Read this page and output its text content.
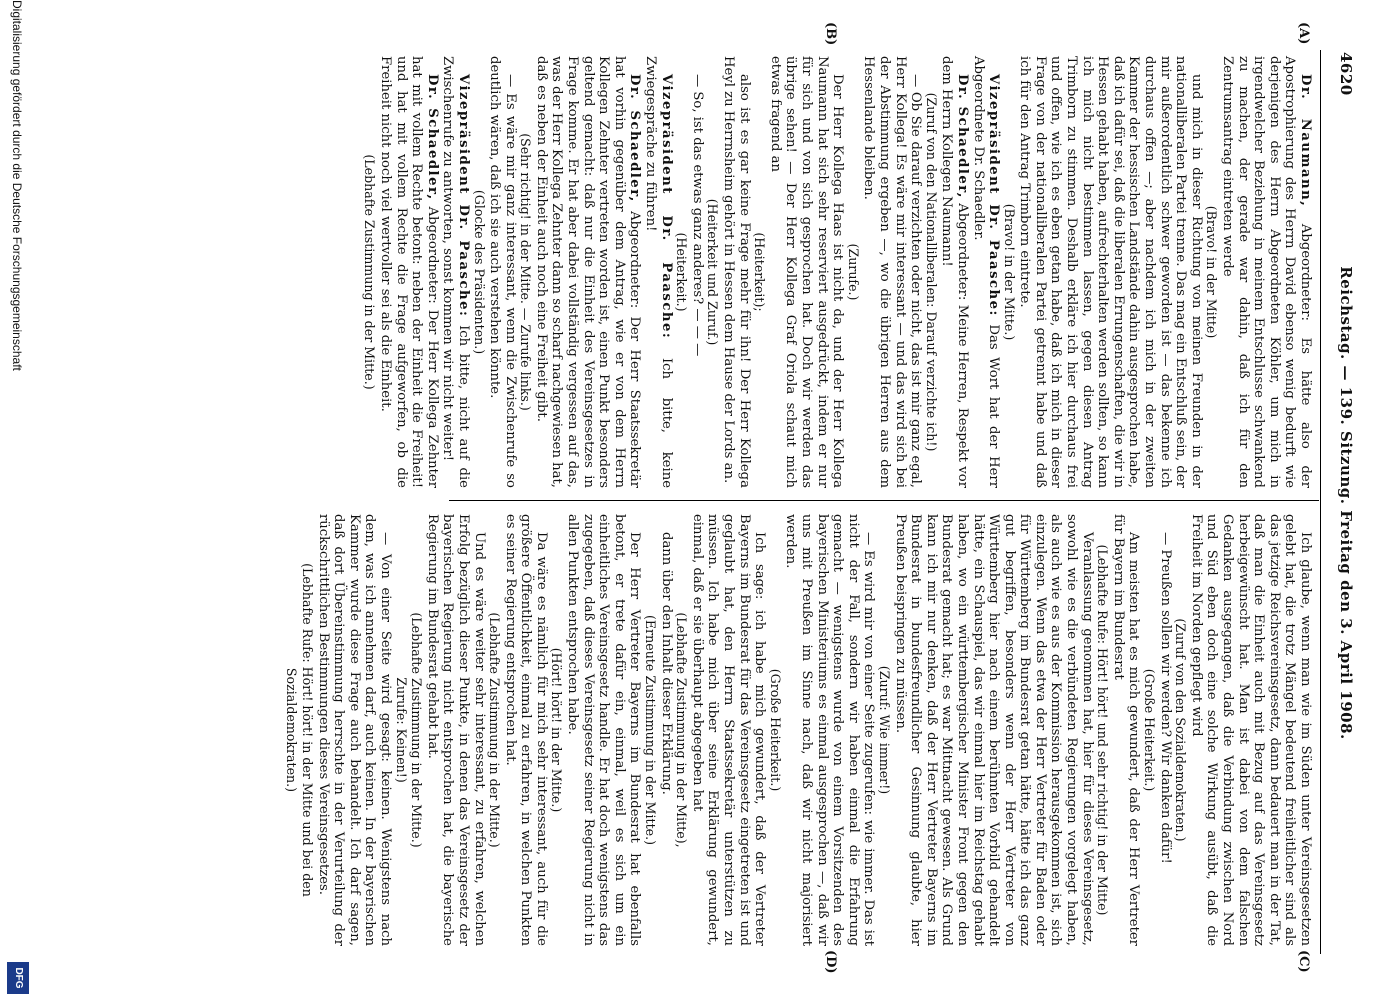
4620
Reichstag. — 139. Sitzung. Freitag den 3. April 1908.
(A)
(B)
(C)
(D)

Dr. Naumann, Abgeordneter: Es hätte also der Apostrophierung des Herrn David ebenso wenig bedurft wie derjenigen des Herrn Abgeordneten Köhler, um mich in irgendwelcher Beziehung in meinem Entschlusse schwankend zu machen, der gerade war dahin, daß ich für den Zentrumsantrag eintreten werde

(Bravo! in der Mitte)

und mich in dieser Richtung von meinen Freunden in der nationalliberalen Partei trenne. Das mag ein Entschluß sein, der mir außerordentlich schwer geworden ist — das bekenne ich durchaus offen —; aber nachdem ich mich in der zweiten Kammer der hessischen Landstände dahin ausgesprochen habe, daß ich dafür sei, daß die liberalen Errungenschaften, die wir in Hessen gehabt haben, aufrechterhalten werden sollten, so kann ich mich nicht bestimmen lassen, gegen diesen Antrag Trimborn zu stimmen. Deshalb erkläre ich hier durchaus frei und offen, wie ich es eben getan habe, daß ich mich in dieser Frage von der nationalliberalen Partei getrennt habe und daß ich für den Antrag Trimborn eintrete.

(Bravo! in der Mitte.)

Vizepräsident Dr. Paasche: Das Wort hat der Herr Abgeordnete Dr. Schaedler.

Dr. Schaedler, Abgeordneter: Meine Herren, Respekt vor dem Herrn Kollegen Naumann!

(Zuruf von den Nationalliberalen: Darauf verzichte ich!)

— Ob Sie darauf verzichten oder nicht, das ist mir ganz egal, Herr Kollega! Es wäre mir interessant — und das wird sich bei der Abstimmung ergeben —, wo die übrigen Herren aus dem Hessenlande bleiben.

(Zurufe.)

Der Herr Kollega Haas ist nicht da, und der Herr Kollega Naumann hat sich sehr reserviert ausgedrückt, indem er nur für sich und von sich gesprochen hat. Doch wir werden das übrige sehen! — Der Herr Kollega Graf Oriola schaut mich etwas fragend an

(Heiterkeit);

also ist es gar keine Frage mehr für ihn! Der Herr Kollega Heyl zu Herrnsheim gehört in Hessen dem Hause der Lords an.

(Heiterkeit und Zuruf.)

— So, ist das etwas ganz anderes? — — —

(Heiterkeit.)

Vizepräsident Dr. Paasche: Ich bitte, keine Zwiegespräche zu führen!

Dr. Schaedler, Abgeordneter: Der Herr Staatssekretär hat vorhin gegenüber dem Antrag, wie er von dem Herrn Kollegen Zehnter vertreten worden ist, einen Punkt besonders geltend gemacht: daß nur die Einheit des Vereinsgesetzes in Frage komme. Er hat aber dabei vollständig vergessen auf das, was der Herr Kollega Zehnter dann so scharf nachgewiesen hat, daß es neben der Einheit auch noch eine Freiheit gibt.

(Sehr richtig! in der Mitte. — Zurufe links.)

— Es wäre mir ganz interessant, wenn die Zwischenrufe so deutlich wären, daß ich sie auch verstehen könnte.

(Glocke des Präsidenten.)

Vizepräsident Dr. Paasche: Ich bitte, nicht auf die Zwischenrufe zu antworten, sonst kommen wir nicht weiter!

Dr. Schaedler, Abgeordneter: Der Herr Kollega Zehnter hat mit vollem Rechte betont: neben der Einheit die Freiheit! und hat mit vollem Rechte die Frage aufgeworfen, ob die Freiheit nicht noch viel wertvoller sei als die Einheit.

(Lebhafte Zustimmung in der Mitte.)

Ich glaube, wenn man wie im Süden unter Vereinsgesetzen gelebt hat, die trotz Mängel bedeutend freiheitlicher sind als das jetzige Reichsvereinsgesetz, dann bedauert man in der Tat, daß man die Einheit auch mit Bezug auf das Vereinsgesetz herbeigewünscht hat. Man ist dabei von dem falschen Gedanken ausgegangen, daß die Verbindung zwischen Nord und Süd eben doch eine solche Wirkung ausübt, daß die Freiheit im Norden gepflegt wird

(Zuruf von den Sozialdemokraten.)

— Preußen sollen wir werden? Wir danken dafür!

(Große Heiterkeit.)

Am meisten hat es mich gewundert, daß der Herr Vertreter für Bayern im Bundesrat

(Lebhafte Rufe: Hört! hört! und sehr richtig! in der Mitte)

Veranlassung genommen hat, hier für dieses Vereinsgesetz, sowohl wie es die verbündeten Regierungen vorgelegt haben, als auch wie es aus der Kommission herausgekommen ist, sich einzulegen. Wenn das etwa der Herr Vertreter für Baden oder für Württemberg im Bundesrat getan hätte, hätte ich das ganz gut begriffen, besonders wenn der Herr Vertreter von Württemberg hier nach einem berühmten Vorbild gehandelt hätte, ein Schauspiel, das wir einmal hier im Reichstag gehabt haben, wo ein württembergischer Minister Front gegen den Bundesrat gemacht hat; es war Mittnacht gewesen. Als Grund kann ich mir nur denken, daß der Herr Vertreter Bayerns im Bundesrat in bundesfreundlicher Gesinnung glaubte, hier Preußen beispringen zu müssen.

(Zuruf: Wie immer!)

— Es wird mir von einer Seite zugerufen: wie immer. Das ist nicht der Fall, sondern wir haben einmal die Erfahrung gemacht — wenigstens wurde von einem Vorsitzenden des bayerischen Ministeriums es einmal ausgesprochen —, daß wir uns mit Preußen im Sinne nach, daß wir nicht majorisiert werden.

(Große Heiterkeit.)

Ich sage: ich habe mich gewundert, daß der Vertreter Bayerns im Bundesrat für das Vereinsgesetz eingetreten ist und geglaubt hat, den Herrn Staatssekretär unterstützen zu müssen. Ich habe mich über seine Erklärung gewundert, einmal, daß er sie überhaupt abgegeben hat

(Lebhafte Zustimmung in der Mitte),

dann über den Inhalt dieser Erklärung.

(Erneute Zustimmung in der Mitte.)

Der Herr Vertreter Bayerns im Bundesrat hat ebenfalls betont, er trete dafür ein, einmal, weil es sich um ein einheitliches Vereinsgesetz handle. Er hat doch wenigstens das zugegeben, daß dieses Vereinsgesetz seiner Regierung nicht in allen Punkten entsprochen habe.

(Hört! hört! in der Mitte.)

Da wäre es nämlich für mich sehr interessant, auch für die größere Öffentlichkeit, einmal zu erfahren, in welchen Punkten es seiner Regierung entsprochen hat.

(Lebhafte Zustimmung in der Mitte.)

Und es wäre weiter sehr interessant, zu erfahren, welchen Erfolg bezüglich dieser Punkte, in denen das Vereinsgesetz der bayerischen Regierung nicht entsprochen hat, die bayerische Regierung im Bundesrat gehabt hat.

(Lebhafte Zustimmung in der Mitte.)

Zurufe: Keinen!)

— Von einer Seite wird gesagt: keinen. Wenigstens nach dem, was ich annehmen darf, auch keinen. In der bayerischen Kammer wurde diese Frage auch behandelt. Ich darf sagen, daß dort Übereinstimmung herrschte in der Verurteilung der rückschrittlichen Bestimmungen dieses Vereinsgesetzes.

(Lebhafte Rufe: Hört! hört! in der Mitte und bei den Sozialdemokraten.)

Digitalisierung gefördert durch die Deutsche Forschungsgemeinschaft
DFG
